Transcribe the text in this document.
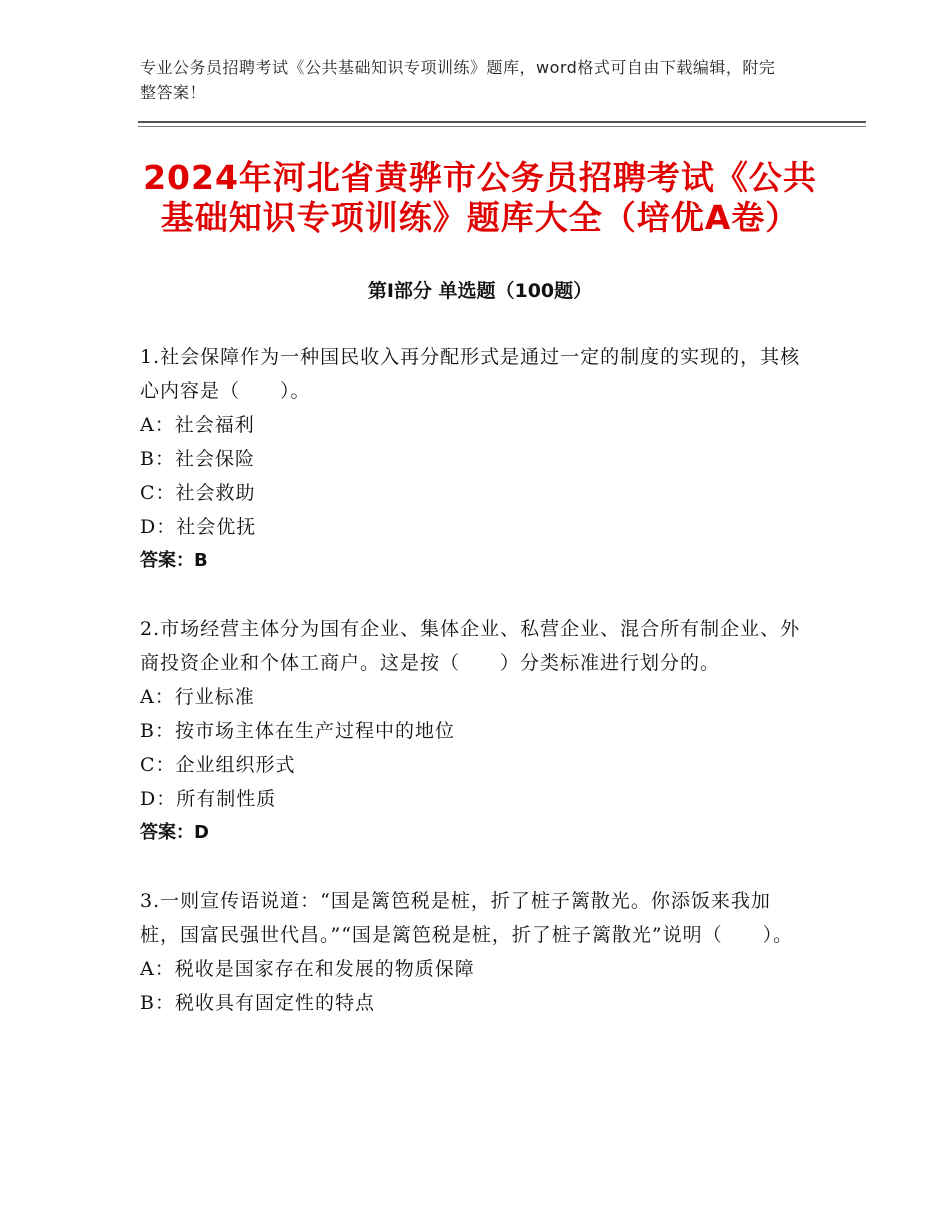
专业公务员招聘考试《公共基础知识专项训练》题库，word格式可自由下载编辑，附完整答案！
2024年河北省黄骅市公务员招聘考试《公共基础知识专项训练》题库大全（培优A卷）
第I部分 单选题（100题）

1.社会保障作为一种国民收入再分配形式是通过一定的制度的实现的，其核心内容是（　　）。

A：社会福利

B：社会保险

C：社会救助

D：社会优抚

答案：B

2.市场经营主体分为国有企业、集体企业、私营企业、混合所有制企业、外商投资企业和个体工商户。这是按（　　）分类标准进行划分的。

A：行业标准

B：按市场主体在生产过程中的地位

C：企业组织形式

D：所有制性质

答案：D

3.一则宣传语说道：“国是篱笆税是桩，折了桩子篱散光。你添饭来我加桩，国富民强世代昌。”“国是篱笆税是桩，折了桩子篱散光”说明（　　）。

A：税收是国家存在和发展的物质保障

B：税收具有固定性的特点
